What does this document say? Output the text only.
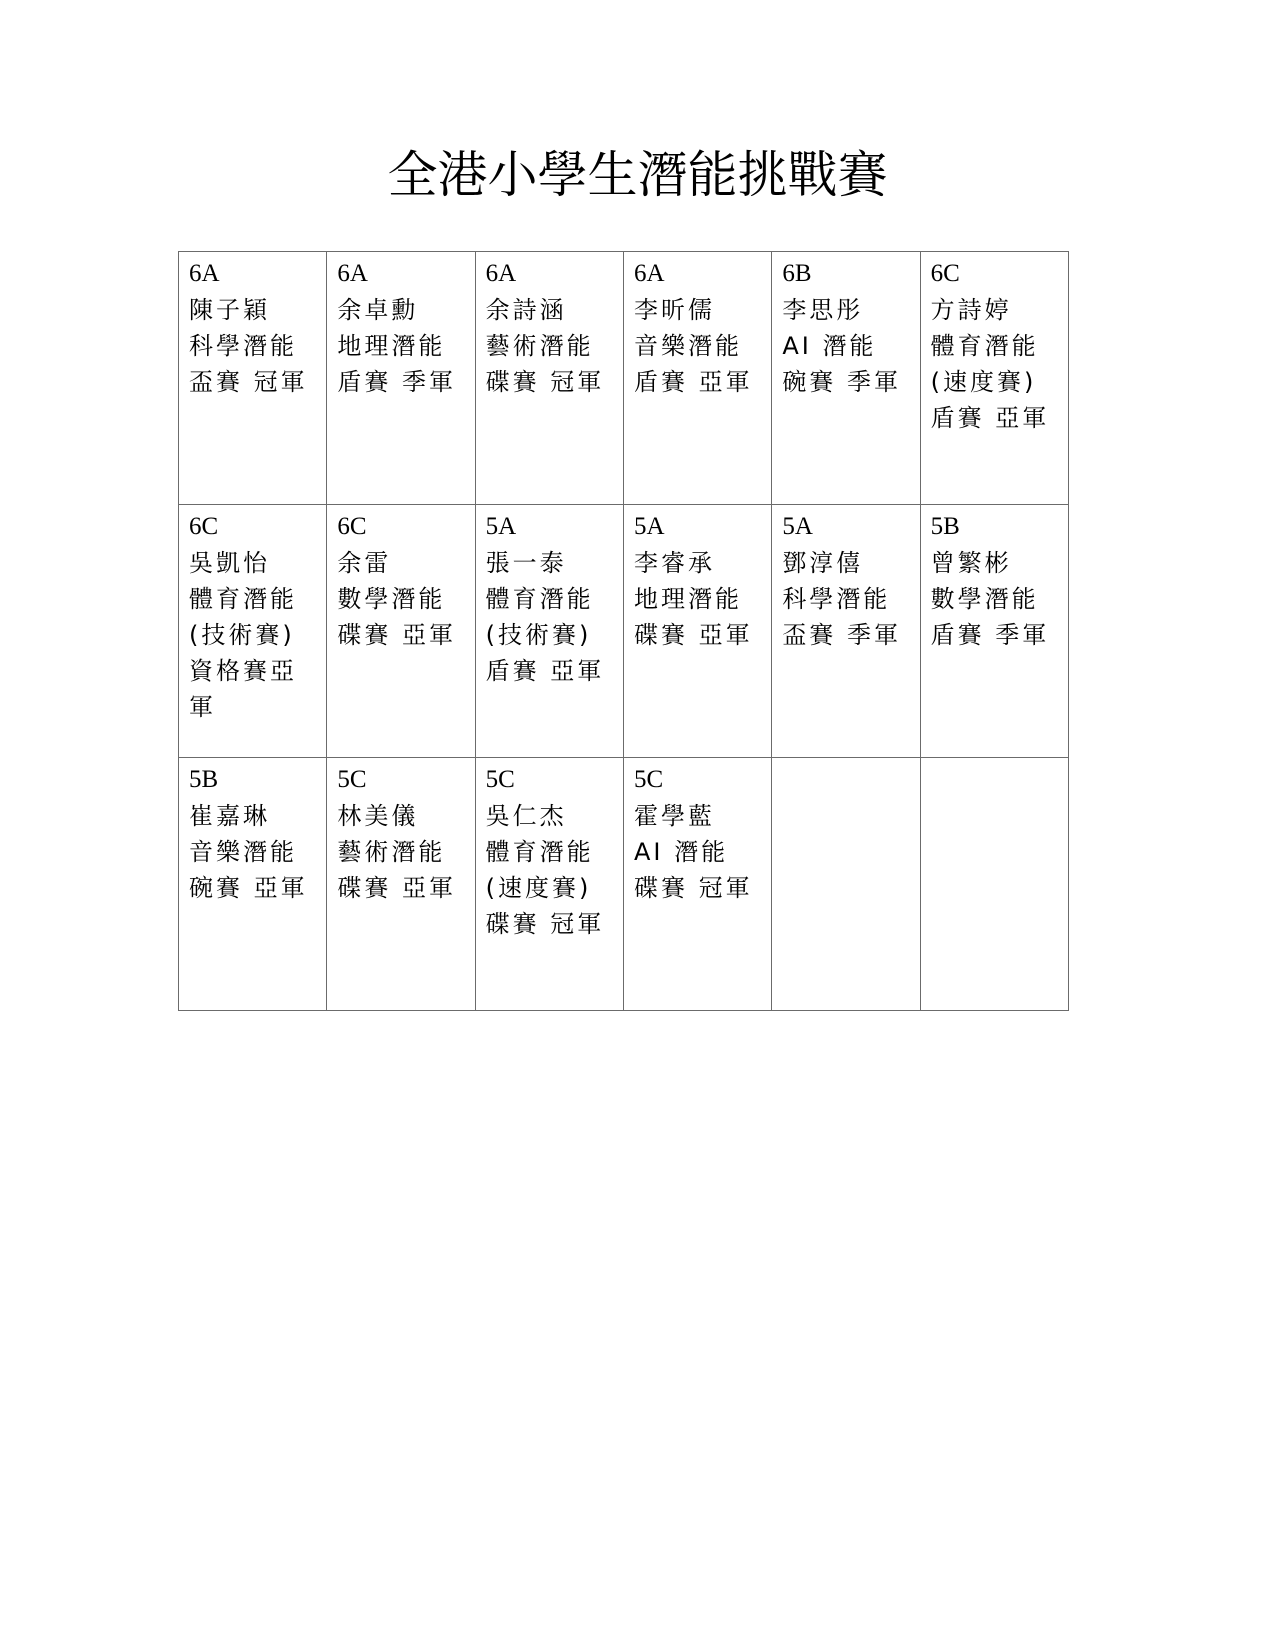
全港小學生潛能挑戰賽
6A
陳子穎
科學潛能
盃賽 冠軍	6A
余卓勳
地理潛能
盾賽 季軍	6A
余詩涵
藝術潛能
碟賽 冠軍	6A
李昕儒
音樂潛能
盾賽 亞軍	6B
李思彤
AI 潛能
碗賽 季軍	6C
方詩婷
體育潛能
(速度賽)
盾賽 亞軍

6C
吳凱怡
體育潛能
(技術賽)
資格賽亞軍	6C
余雷
數學潛能
碟賽 亞軍	5A
張一泰
體育潛能
(技術賽)
盾賽 亞軍	5A
李睿承
地理潛能
碟賽 亞軍	5A
鄧淳僖
科學潛能
盃賽 季軍	5B
曾繁彬
數學潛能
盾賽 季軍

5B
崔嘉琳
音樂潛能
碗賽 亞軍	5C
林美儀
藝術潛能
碟賽 亞軍	5C
吳仁杰
體育潛能
(速度賽)
碟賽 冠軍	5C
霍學藍
AI 潛能
碟賽 冠軍		
